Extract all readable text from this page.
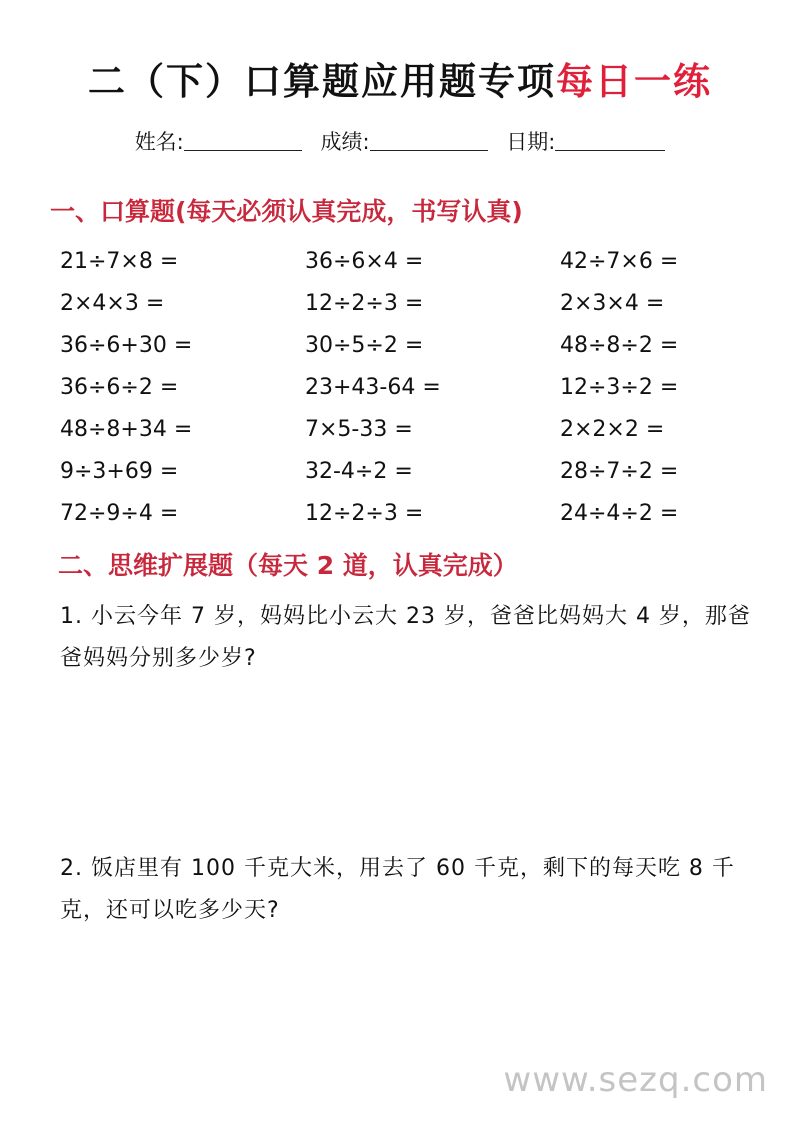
二（下）口算题应用题专项每日一练
姓名:	成绩:	日期:
一、口算题(每天必须认真完成，书写认真)
21÷7×8 =	36÷6×4 =	42÷7×6 =
2×4×3 =	12÷2÷3 =	2×3×4 =
36÷6+30 =	30÷5÷2 =	48÷8÷2 =
36÷6÷2 =	23+43-64 =	12÷3÷2 =
48÷8+34 =	7×5-33 =	2×2×2 =
9÷3+69 =	32-4÷2 =	28÷7÷2 =
72÷9÷4 =	12÷2÷3 =	24÷4÷2 =
二、思维扩展题（每天 2 道，认真完成）
1. 小云今年 7 岁，妈妈比小云大 23 岁，爸爸比妈妈大 4 岁，那爸爸妈妈分别多少岁?
2. 饭店里有 100 千克大米，用去了 60 千克，剩下的每天吃 8 千克，还可以吃多少天?
www.sezq.com
